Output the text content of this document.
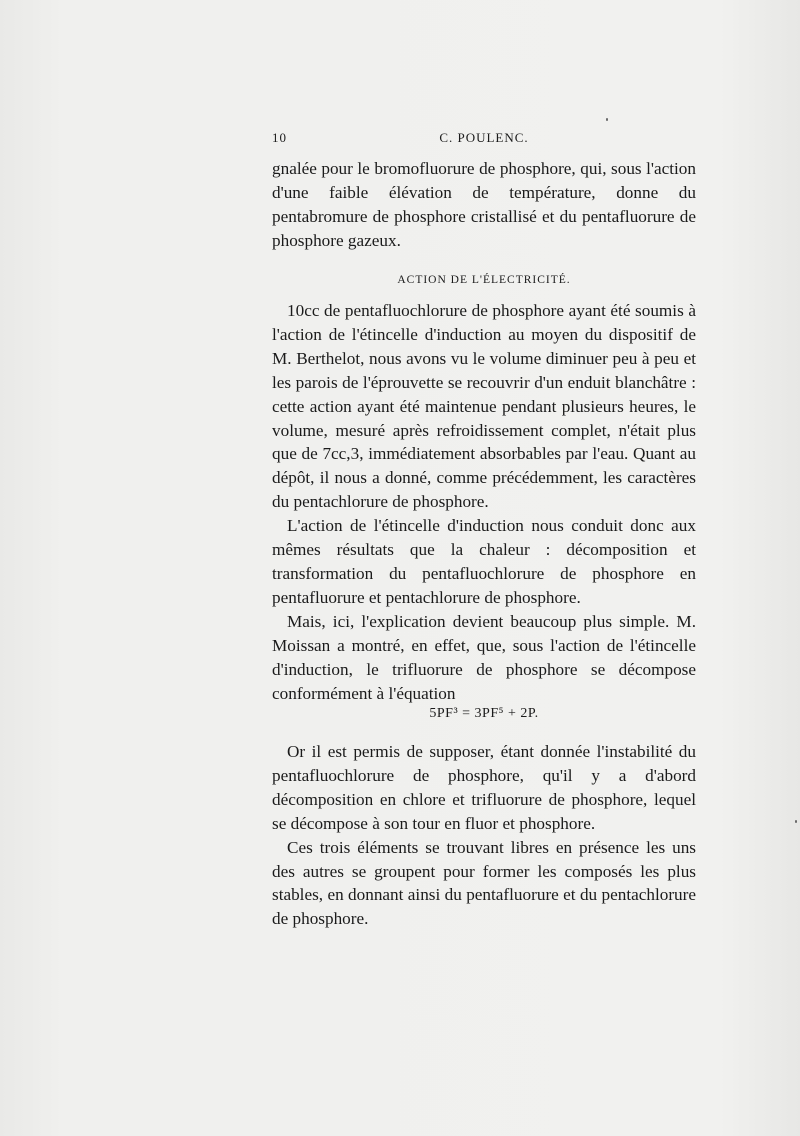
10	C. POULENC.

gnalée pour le bromofluorure de phosphore, qui, sous l'action d'une faible élévation de température, donne du pentabromure de phosphore cristallisé et du pentafluorure de phosphore gazeux.

ACTION DE L'ÉLECTRICITÉ.

10cc de pentafluochlorure de phosphore ayant été soumis à l'action de l'étincelle d'induction au moyen du dispositif de M. Berthelot, nous avons vu le volume diminuer peu à peu et les parois de l'éprouvette se recouvrir d'un enduit blanchâtre : cette action ayant été maintenue pendant plusieurs heures, le volume, mesuré après refroidissement complet, n'était plus que de 7cc,3, immédiatement absorbables par l'eau. Quant au dépôt, il nous a donné, comme précédemment, les caractères du pentachlorure de phosphore.

L'action de l'étincelle d'induction nous conduit donc aux mêmes résultats que la chaleur : décomposition et transformation du pentafluochlorure de phosphore en pentafluorure et pentachlorure de phosphore.

Mais, ici, l'explication devient beaucoup plus simple. M. Moissan a montré, en effet, que, sous l'action de l'étincelle d'induction, le trifluorure de phosphore se décompose conformément à l'équation

5PF³ = 3PF⁵ + 2P.

Or il est permis de supposer, étant donnée l'instabilité du pentafluochlorure de phosphore, qu'il y a d'abord décomposition en chlore et trifluorure de phosphore, lequel se décompose à son tour en fluor et phosphore.

Ces trois éléments se trouvant libres en présence les uns des autres se groupent pour former les composés les plus stables, en donnant ainsi du pentafluorure et du pentachlorure de phosphore.
